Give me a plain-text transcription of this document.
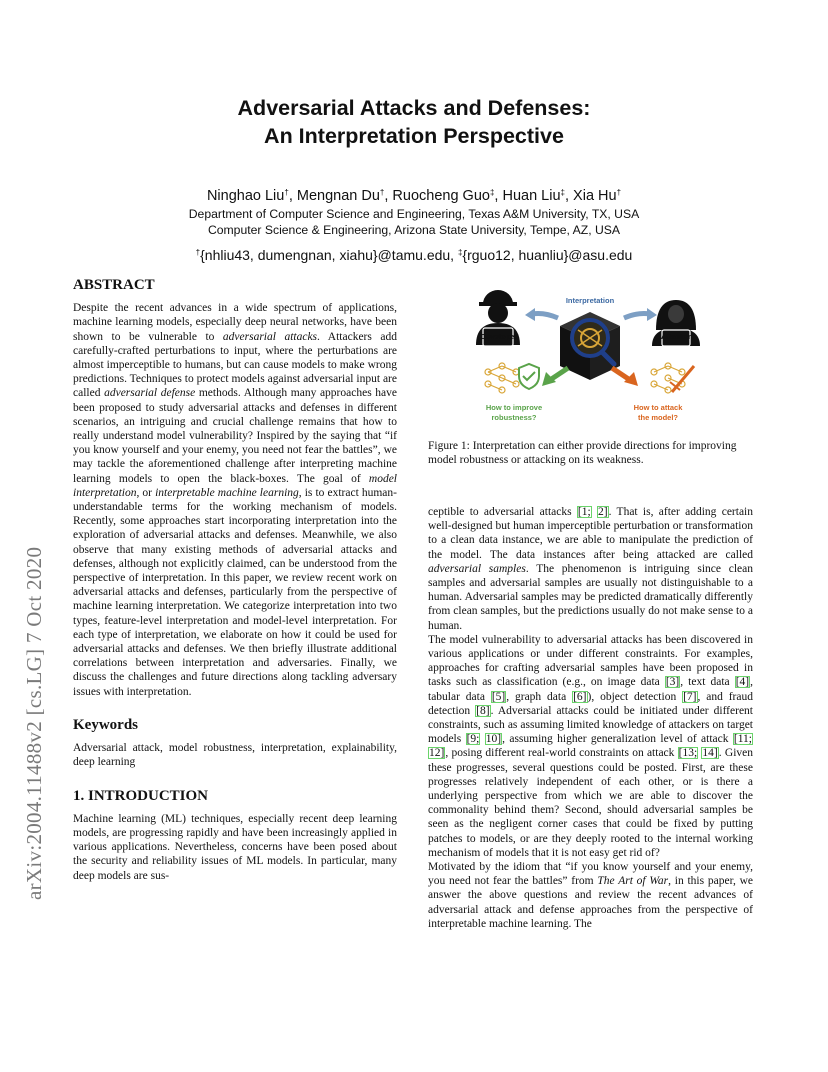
arXiv:2004.11488v2 [cs.LG] 7 Oct 2020
Adversarial Attacks and Defenses:
An Interpretation Perspective
Ninghao Liu†, Mengnan Du†, Ruocheng Guo‡, Huan Liu‡, Xia Hu†
Department of Computer Science and Engineering, Texas A&M University, TX, USA
Computer Science & Engineering, Arizona State University, Tempe, AZ, USA
†{nhliu43, dumengnan, xiahu}@tamu.edu, ‡{rguo12, huanliu}@asu.edu
ABSTRACT

Despite the recent advances in a wide spectrum of applications, machine learning models, especially deep neural networks, have been shown to be vulnerable to adversarial attacks. Attackers add carefully-crafted perturbations to input, where the perturbations are almost imperceptible to humans, but can cause models to make wrong predictions. Techniques to protect models against adversarial input are called adversarial defense methods. Although many approaches have been proposed to study adversarial attacks and defenses in different scenarios, an intriguing and crucial challenge remains that how to really understand model vulnerability? Inspired by the saying that “if you know yourself and your enemy, you need not fear the battles”, we may tackle the aforementioned challenge after interpreting machine learning models to open the black-boxes. The goal of model interpretation, or interpretable machine learning, is to extract human-understandable terms for the working mechanism of models. Recently, some approaches start incorporating interpretation into the exploration of adversarial attacks and defenses. Meanwhile, we also observe that many existing methods of adversarial attacks and defenses, although not explicitly claimed, can be understood from the perspective of interpretation. In this paper, we review recent work on adversarial attacks and defenses, particularly from the perspective of machine learning interpretation. We categorize interpretation into two types, feature-level interpretation and model-level interpretation. For each type of interpretation, we elaborate on how it could be used for adversarial attacks and defenses. We then briefly illustrate additional correlations between interpretation and adversaries. Finally, we discuss the challenges and future directions along tackling adversary issues with interpretation.

Keywords

Adversarial attack, model robustness, interpretation, explainability, deep learning

1. INTRODUCTION

Machine learning (ML) techniques, especially recent deep learning models, are progressing rapidly and have been increasingly applied in various applications. Nevertheless, concerns have been posed about the security and reliability issues of ML models. In particular, many deep models are sus-

Developer	Attacker
Interpretation
How to improve
robustness?
How to attack
the model?
Figure 1: Interpretation can either provide directions for improving model robustness or attacking on its weakness.

ceptible to adversarial attacks [1; 2]. That is, after adding certain well-designed but human imperceptible perturbation or transformation to a clean data instance, we are able to manipulate the prediction of the model. The data instances after being attacked are called adversarial samples. The phenomenon is intriguing since clean samples and adversarial samples are usually not distinguishable to a human. Adversarial samples may be predicted dramatically differently from clean samples, but the predictions usually do not make sense to a human.

The model vulnerability to adversarial attacks has been discovered in various applications or under different constraints. For examples, approaches for crafting adversarial samples have been proposed in tasks such as classification (e.g., on image data [3], text data [4], tabular data [5], graph data [6]), object detection [7], and fraud detection [8]. Adversarial attacks could be initiated under different constraints, such as assuming limited knowledge of attackers on target models [9; 10], assuming higher generalization level of attack [11; 12], posing different real-world constraints on attack [13; 14]. Given these progresses, several questions could be posted. First, are these progresses relatively independent of each other, or is there a underlying perspective from which we are able to discover the commonality behind them? Second, should adversarial samples be seen as the negligent corner cases that could be fixed by putting patches to models, or are they deeply rooted to the internal working mechanism of models that it is not easy get rid of?

Motivated by the idiom that “if you know yourself and your enemy, you need not fear the battles” from The Art of War, in this paper, we answer the above questions and review the recent advances of adversarial attack and defense approaches from the perspective of interpretable machine learning. The
